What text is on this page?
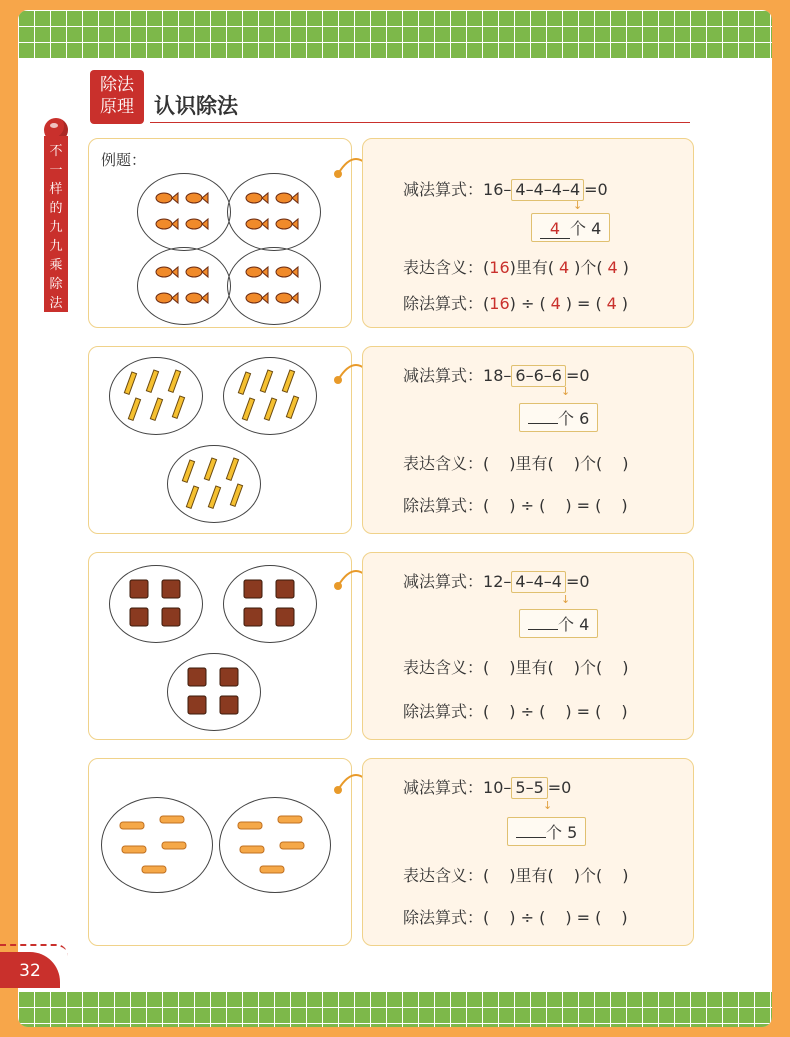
除法
原理 认识除法
不
一
样
的
九
九
乘
除
法
例题：
减法算式：16– 4–4–4–4 =0
↓
4 个 4
表达含义：(16)里有( 4 )个( 4 )
除法算式：(16) ÷ ( 4 ) = ( 4 )
减法算式：18– 6–6–6 =0
↓
个 6
表达含义：( )里有( )个( )
除法算式：( ) ÷ ( ) = ( )
减法算式：12– 4–4–4 =0
↓
个 4
表达含义：( )里有( )个( )
除法算式：( ) ÷ ( ) = ( )
减法算式：10– 5–5 =0
↓
个 5
表达含义：( )里有( )个( )
除法算式：( ) ÷ ( ) = ( )
32
